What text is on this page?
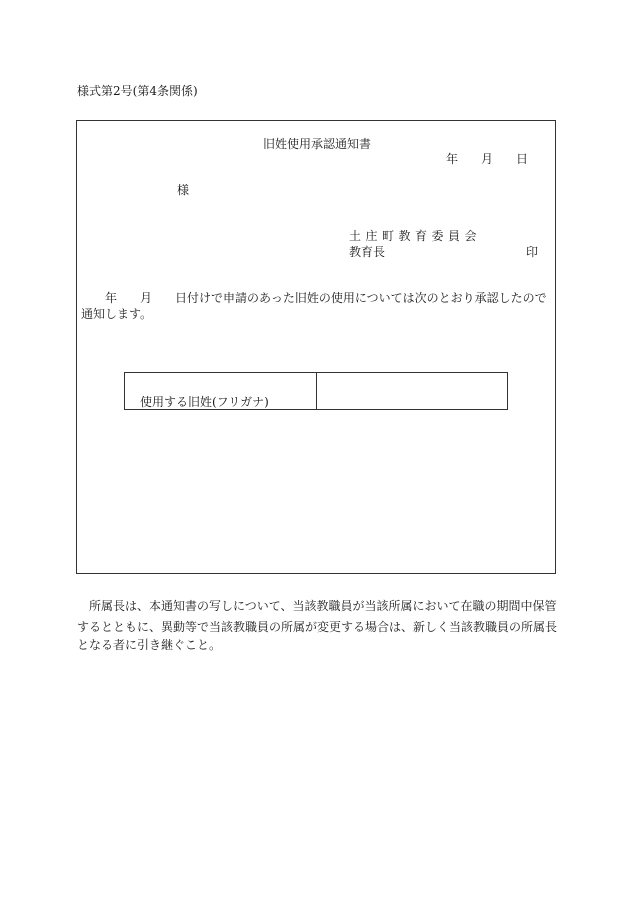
様式第2号(第4条関係)
旧姓使用承認通知書
年 月 日
様
土庄町教育委員会
教育長	印
年 月 日付けで申請のあった旧姓の使用については次のとおり承認したので
通知します。
使用する旧姓(フリガナ)
所属長は、本通知書の写しについて、当該教職員が当該所属において在職の期間中保管
するとともに、異動等で当該教職員の所属が変更する場合は、新しく当該教職員の所属長
となる者に引き継ぐこと。
